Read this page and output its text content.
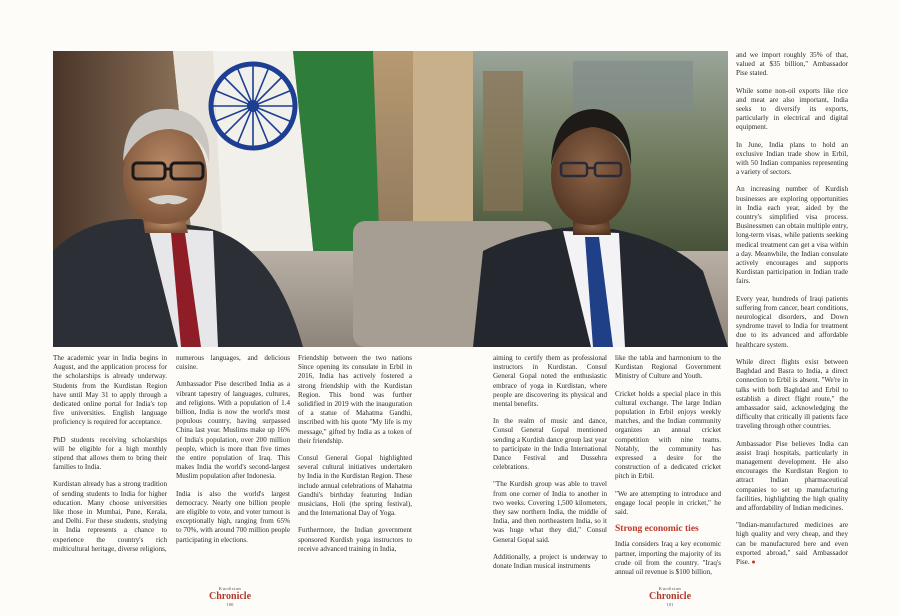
The academic year in India begins in August, and the application process for the scholarships is already underway. Students from the Kurdistan Region have until May 31 to apply through a dedicated online portal for India's top five universities. English language proficiency is required for acceptance.

PhD students receiving scholarships will be eligible for a high monthly stipend that allows them to bring their families to India.

Kurdistan already has a strong tradition of sending students to India for higher education. Many choose universities like those in Mumbai, Pune, Kerala, and Delhi. For these students, studying in India represents a chance to experience the country's rich multicultural heritage, diverse religions,

numerous languages, and delicious cuisine.

Ambassador Pise described India as a vibrant tapestry of languages, cultures, and religions. With a population of 1.4 billion, India is now the world's most populous country, having surpassed China last year. Muslims make up 16% of India's population, over 200 million people, which is more than five times the entire population of Iraq. This makes India the world's second-largest Muslim population after Indonesia.

India is also the world's largest democracy. Nearly one billion people are eligible to vote, and voter turnout is exceptionally high, ranging from 65% to 70%, with around 700 million people participating in elections.

Friendship between the two nations Since opening its consulate in Erbil in 2016, India has actively fostered a strong friendship with the Kurdistan Region. This bond was further solidified in 2019 with the inauguration of a statue of Mahatma Gandhi, inscribed with his quote "My life is my message," gifted by India as a token of their friendship.

Consul General Gopal highlighted several cultural initiatives undertaken by India in the Kurdistan Region. These include annual celebrations of Mahatma Gandhi's birthday featuring Indian musicians, Holi (the spring festival), and the International Day of Yoga.

Furthermore, the Indian government sponsored Kurdish yoga instructors to receive advanced training in India,

aiming to certify them as professional instructors in Kurdistan. Consul General Gopal noted the enthusiastic embrace of yoga in Kurdistan, where people are discovering its physical and mental benefits.

In the realm of music and dance, Consul General Gopal mentioned sending a Kurdish dance group last year to participate in the India International Dance Festival and Dussehra celebrations.

"The Kurdish group was able to travel from one corner of India to another in two weeks. Covering 1,500 kilometers, they saw northern India, the middle of India, and then northeastern India, so it was huge what they did," Consul General Gopal said.

Additionally, a project is underway to donate Indian musical instruments

like the tabla and harmonium to the Kurdistan Regional Government Ministry of Culture and Youth.

Cricket holds a special place in this cultural exchange. The large Indian population in Erbil enjoys weekly matches, and the Indian community organizes an annual cricket competition with nine teams. Notably, the community has expressed a desire for the construction of a dedicated cricket pitch in Erbil.

"We are attempting to introduce and engage local people in cricket," he said.

Strong economic ties

India considers Iraq a key economic partner, importing the majority of its crude oil from the country. "Iraq's annual oil revenue is $100 billion,

and we import roughly 35% of that, valued at $35 billion," Ambassador Pise stated.

While some non-oil exports like rice and meat are also important, India seeks to diversify its exports, particularly in electrical and digital equipment.

In June, India plans to hold an exclusive Indian trade show in Erbil, with 50 Indian companies representing a variety of sectors.

An increasing number of Kurdish businesses are exploring opportunities in India each year, aided by the country's simplified visa process. Businessmen can obtain multiple entry, long-term visas, while patients seeking medical treatment can get a visa within a day. Meanwhile, the Indian consulate actively encourages and supports Kurdistan participation in Indian trade fairs.

Every year, hundreds of Iraqi patients suffering from cancer, heart conditions, neurological disorders, and Down syndrome travel to India for treatment due to its advanced and affordable healthcare system.

While direct flights exist between Baghdad and Basra to India, a direct connection to Erbil is absent. "We're in talks with both Baghdad and Erbil to establish a direct flight route," the ambassador said, acknowledging the difficulty that critically ill patients face traveling through other countries.

Ambassador Pise believes India can assist Iraqi hospitals, particularly in management development. He also encourages the Kurdistan Region to attract Indian pharmaceutical companies to set up manufacturing facilities, highlighting the high quality and affordability of Indian medicines.

"Indian-manufactured medicines are high quality and very cheap, and they can be manufactured here and even exported abroad," said Ambassador Pise. ●

Kurdistan
Chronicle
100
Kurdistan
Chronicle
101
